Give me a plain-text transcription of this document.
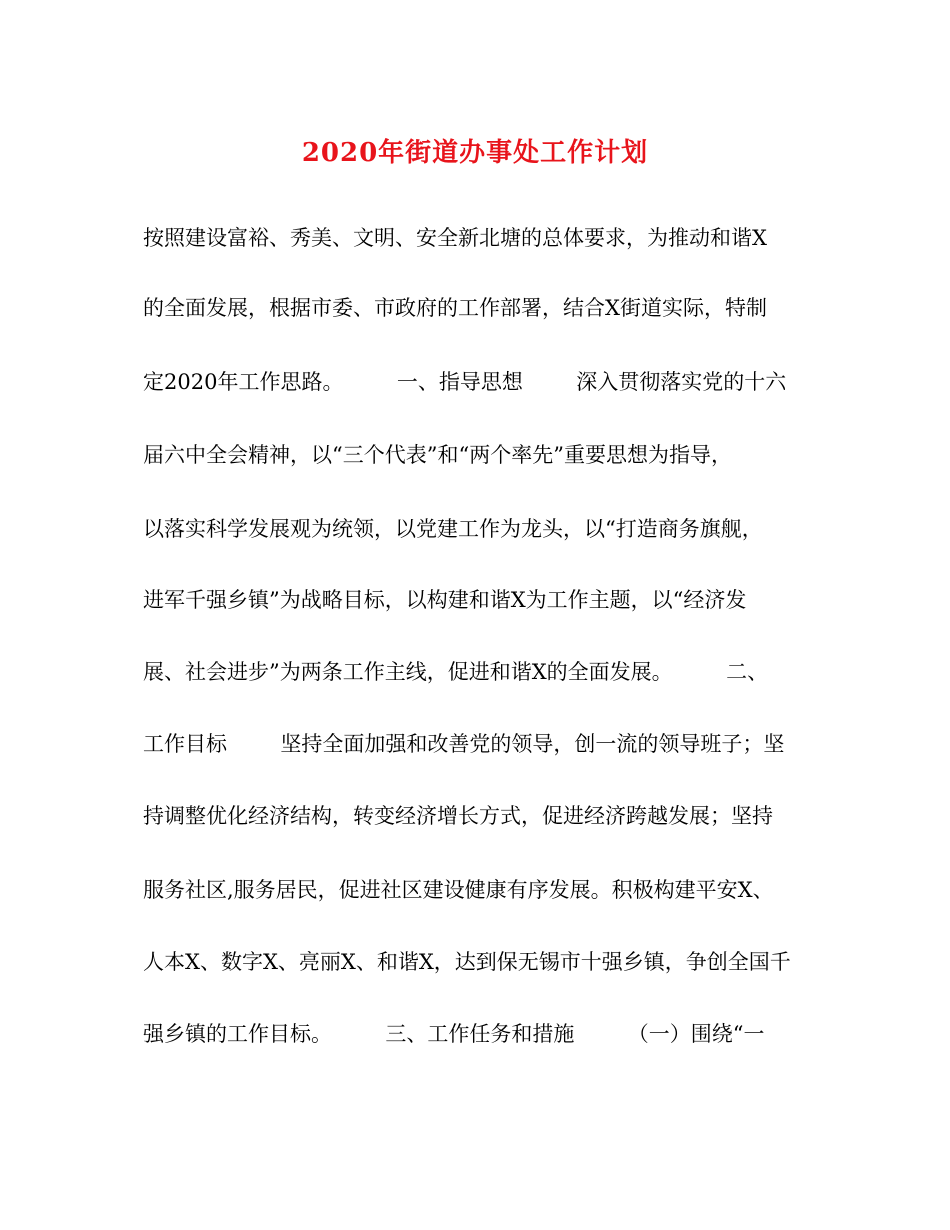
2020年街道办事处工作计划
按照建设富裕、秀美、文明、安全新北塘的总体要求，为推动和谐X
的全面发展，根据市委、市政府的工作部署，结合X街道实际，特制
定2020年工作思路。        一、指导思想        深入贯彻落实党的十六
届六中全会精神，以“三个代表”和“两个率先”重要思想为指导，
以落实科学发展观为统领，以党建工作为龙头，以“打造商务旗舰，
进军千强乡镇”为战略目标，以构建和谐X为工作主题，以“经济发
展、社会进步”为两条工作主线，促进和谐X的全面发展。        二、
工作目标        坚持全面加强和改善党的领导，创一流的领导班子；坚
持调整优化经济结构，转变经济增长方式，促进经济跨越发展；坚持
服务社区,服务居民，促进社区建设健康有序发展。积极构建平安X、
人本X、数字X、亮丽X、和谐X，达到保无锡市十强乡镇，争创全国千
强乡镇的工作目标。        三、工作任务和措施        （一）围绕“一
